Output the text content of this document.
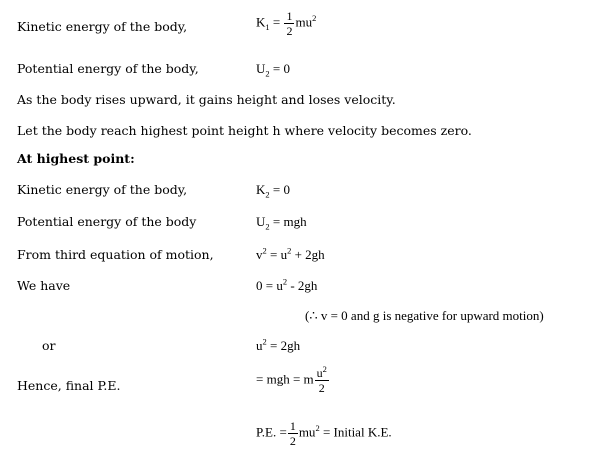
Kinetic energy of the body,	$K_1 = \frac{1}{2} mu^2$
Potential energy of the body,	$U_2 = 0$
As the body rises upward, it gains height and loses velocity.
Let the body reach highest point height h where velocity becomes zero.
At highest point:
Kinetic energy of the body,	$K_2 = 0$
Potential energy of the body	$U_2$ = mgh
From third equation of motion,	$v^2 = u^2 + 2gh$
We have	$0 = u^2 - 2gh$
(∴ v = 0 and g is negative for upward motion)
or	$u^2 = 2gh$
Hence, final P.E.	= mgh = m $\frac{u^2}{2}$
P.E. = $\frac{1}{2} mu^2$ = Initial K.E.
